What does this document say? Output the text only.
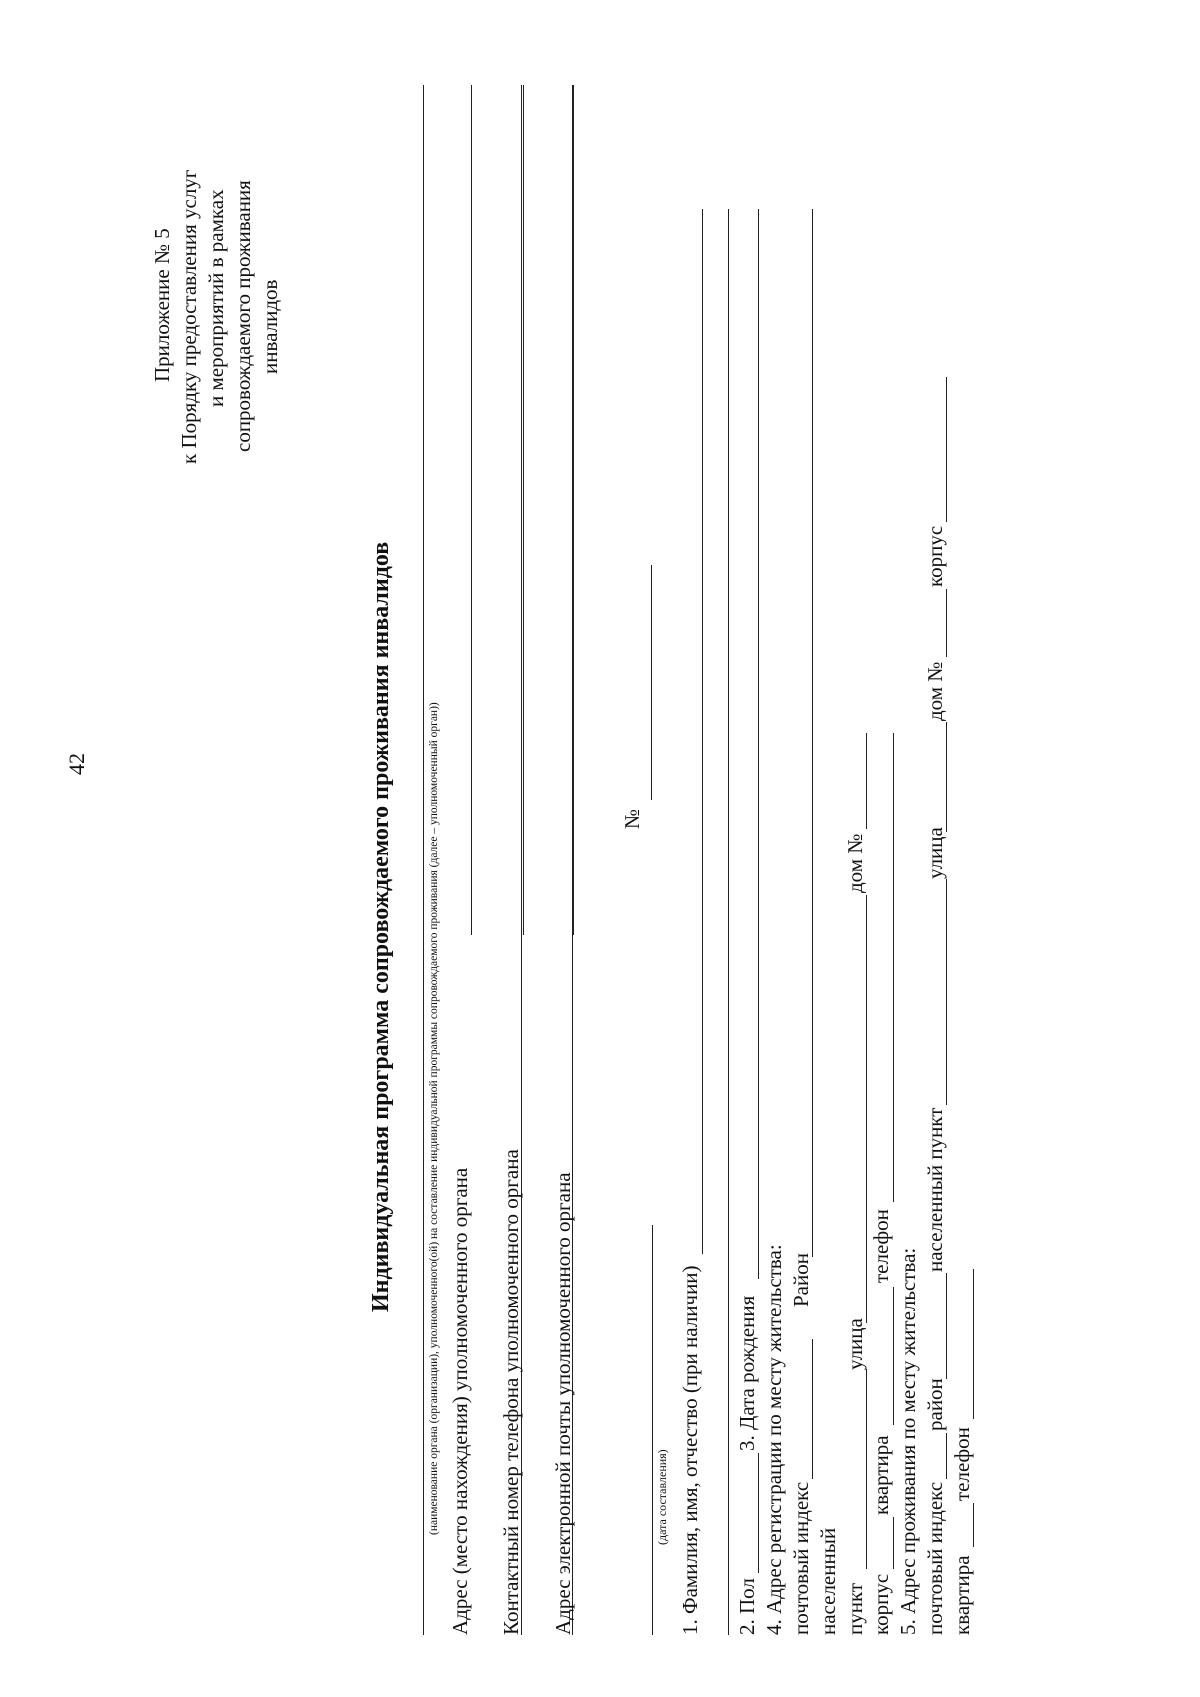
42
Приложение № 5 к Порядку предоставления услуг и мероприятий в рамках сопровождаемого проживания инвалидов
Индивидуальная программа сопровождаемого проживания инвалидов	(наименование органа (организации), уполномоченного(ой) на составление индивидуальной программы сопровождаемого проживания (далее – уполномоченный орган)) Адрес (место нахождения) уполномоченного органа Контактный номер телефона уполномоченного органа Адрес электронной почты уполномоченного органа
№
(дата составления) 1. Фамилия, имя, отчество (при наличии) 2. Пол
3. Дата рождения 4. Адрес регистрации по месту жительства: почтовый индекс
Район
населенный пункт
улица
дом №
корпус
квартира
телефон
5. Адрес проживания по месту жительства: почтовый индекс
район
населенный пункт
улица
дом №
корпус
квартира
телефон
